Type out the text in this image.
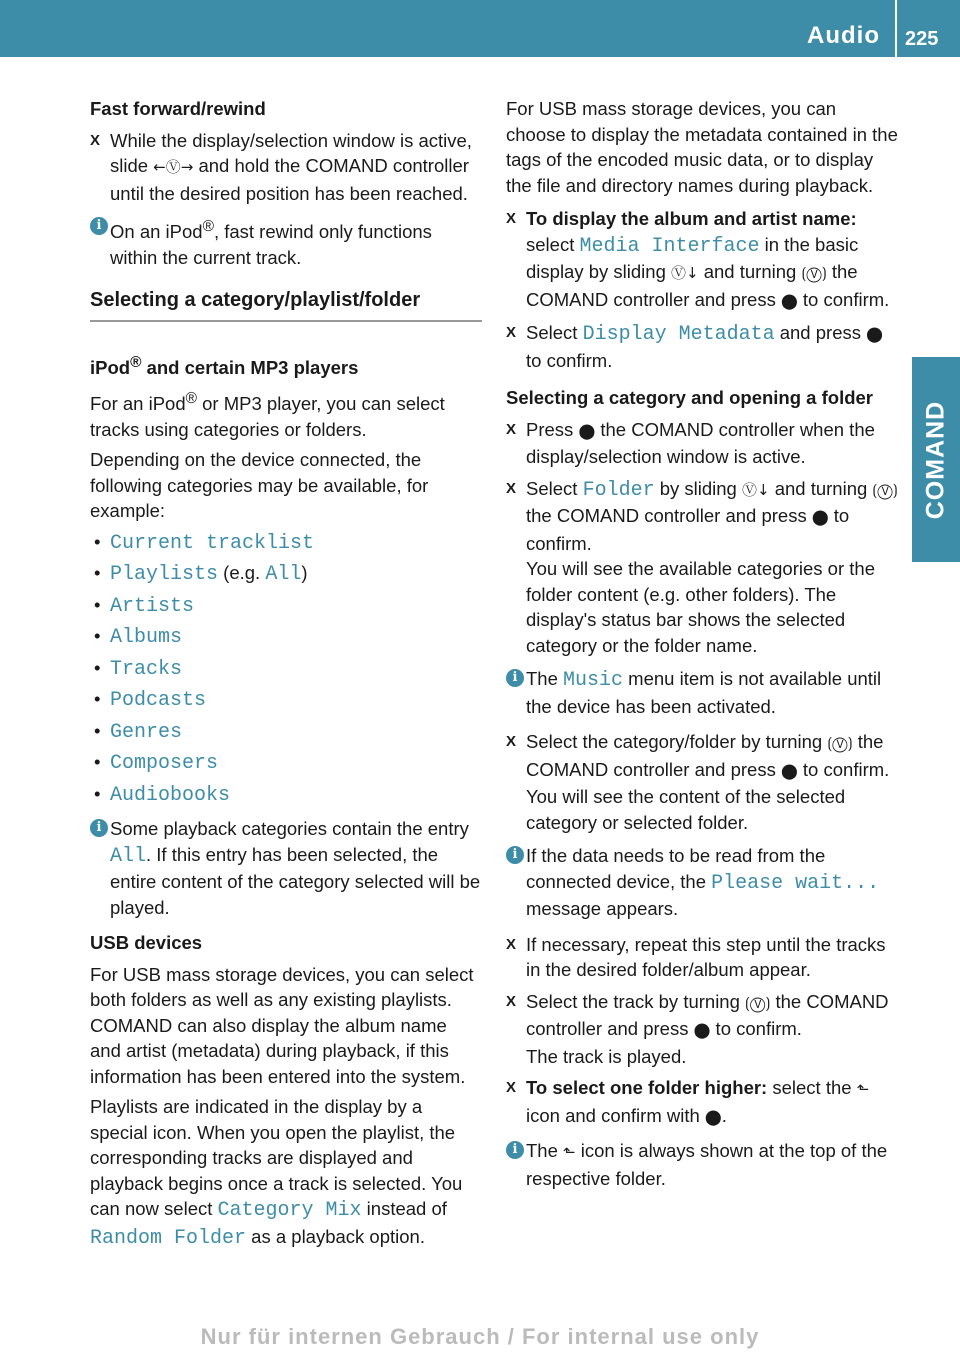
Audio 225
COMAND
Fast forward/rewind
X While the display/selection window is active, slide ←Ⓥ→ and hold the COMAND controller until the desired position has been reached.
i On an iPod®, fast rewind only functions within the current track.
Selecting a category/playlist/folder
iPod® and certain MP3 players

For an iPod® or MP3 player, you can select tracks using categories or folders.

Depending on the device connected, the following categories may be available, for example:

• Current tracklist
• Playlists (e.g. All)
• Artists
• Albums
• Tracks
• Podcasts
• Genres
• Composers
• Audiobooks
i Some playback categories contain the entry All. If this entry has been selected, the entire content of the category selected will be played.
USB devices

For USB mass storage devices, you can select both folders as well as any existing playlists. COMAND can also display the album name and artist (metadata) during playback, if this information has been entered into the system.

Playlists are indicated in the display by a special icon. When you open the playlist, the corresponding tracks are displayed and playback begins once a track is selected. You can now select Category Mix instead of Random Folder as a playback option.

For USB mass storage devices, you can choose to display the metadata contained in the tags of the encoded music data, or to display the file and directory names during playback.

X To display the album and artist name: select Media Interface in the basic display by sliding Ⓥ↓ and turning ⟮Ⓥ⟯ the COMAND controller and press ⬤ to confirm.
X Select Display Metadata and press ⬤ to confirm.
Selecting a category and opening a folder
X Press ⬤ the COMAND controller when the display/selection window is active.
X Select Folder by sliding Ⓥ↓ and turning ⟮Ⓥ⟯ the COMAND controller and press ⬤ to confirm.
You will see the available categories or the folder content (e.g. other folders). The display's status bar shows the selected category or the folder name.
i The Music menu item is not available until the device has been activated.
X Select the category/folder by turning ⟮Ⓥ⟯ the COMAND controller and press ⬤ to confirm.
You will see the content of the selected category or selected folder.
i If the data needs to be read from the connected device, the Please wait... message appears.
X If necessary, repeat this step until the tracks in the desired folder/album appear.
X Select the track by turning ⟮Ⓥ⟯ the COMAND controller and press ⬤ to confirm.
The track is played.
X To select one folder higher: select the ⬑ icon and confirm with ⬤.
i The ⬑ icon is always shown at the top of the respective folder.
Nur für internen Gebrauch / For internal use only
